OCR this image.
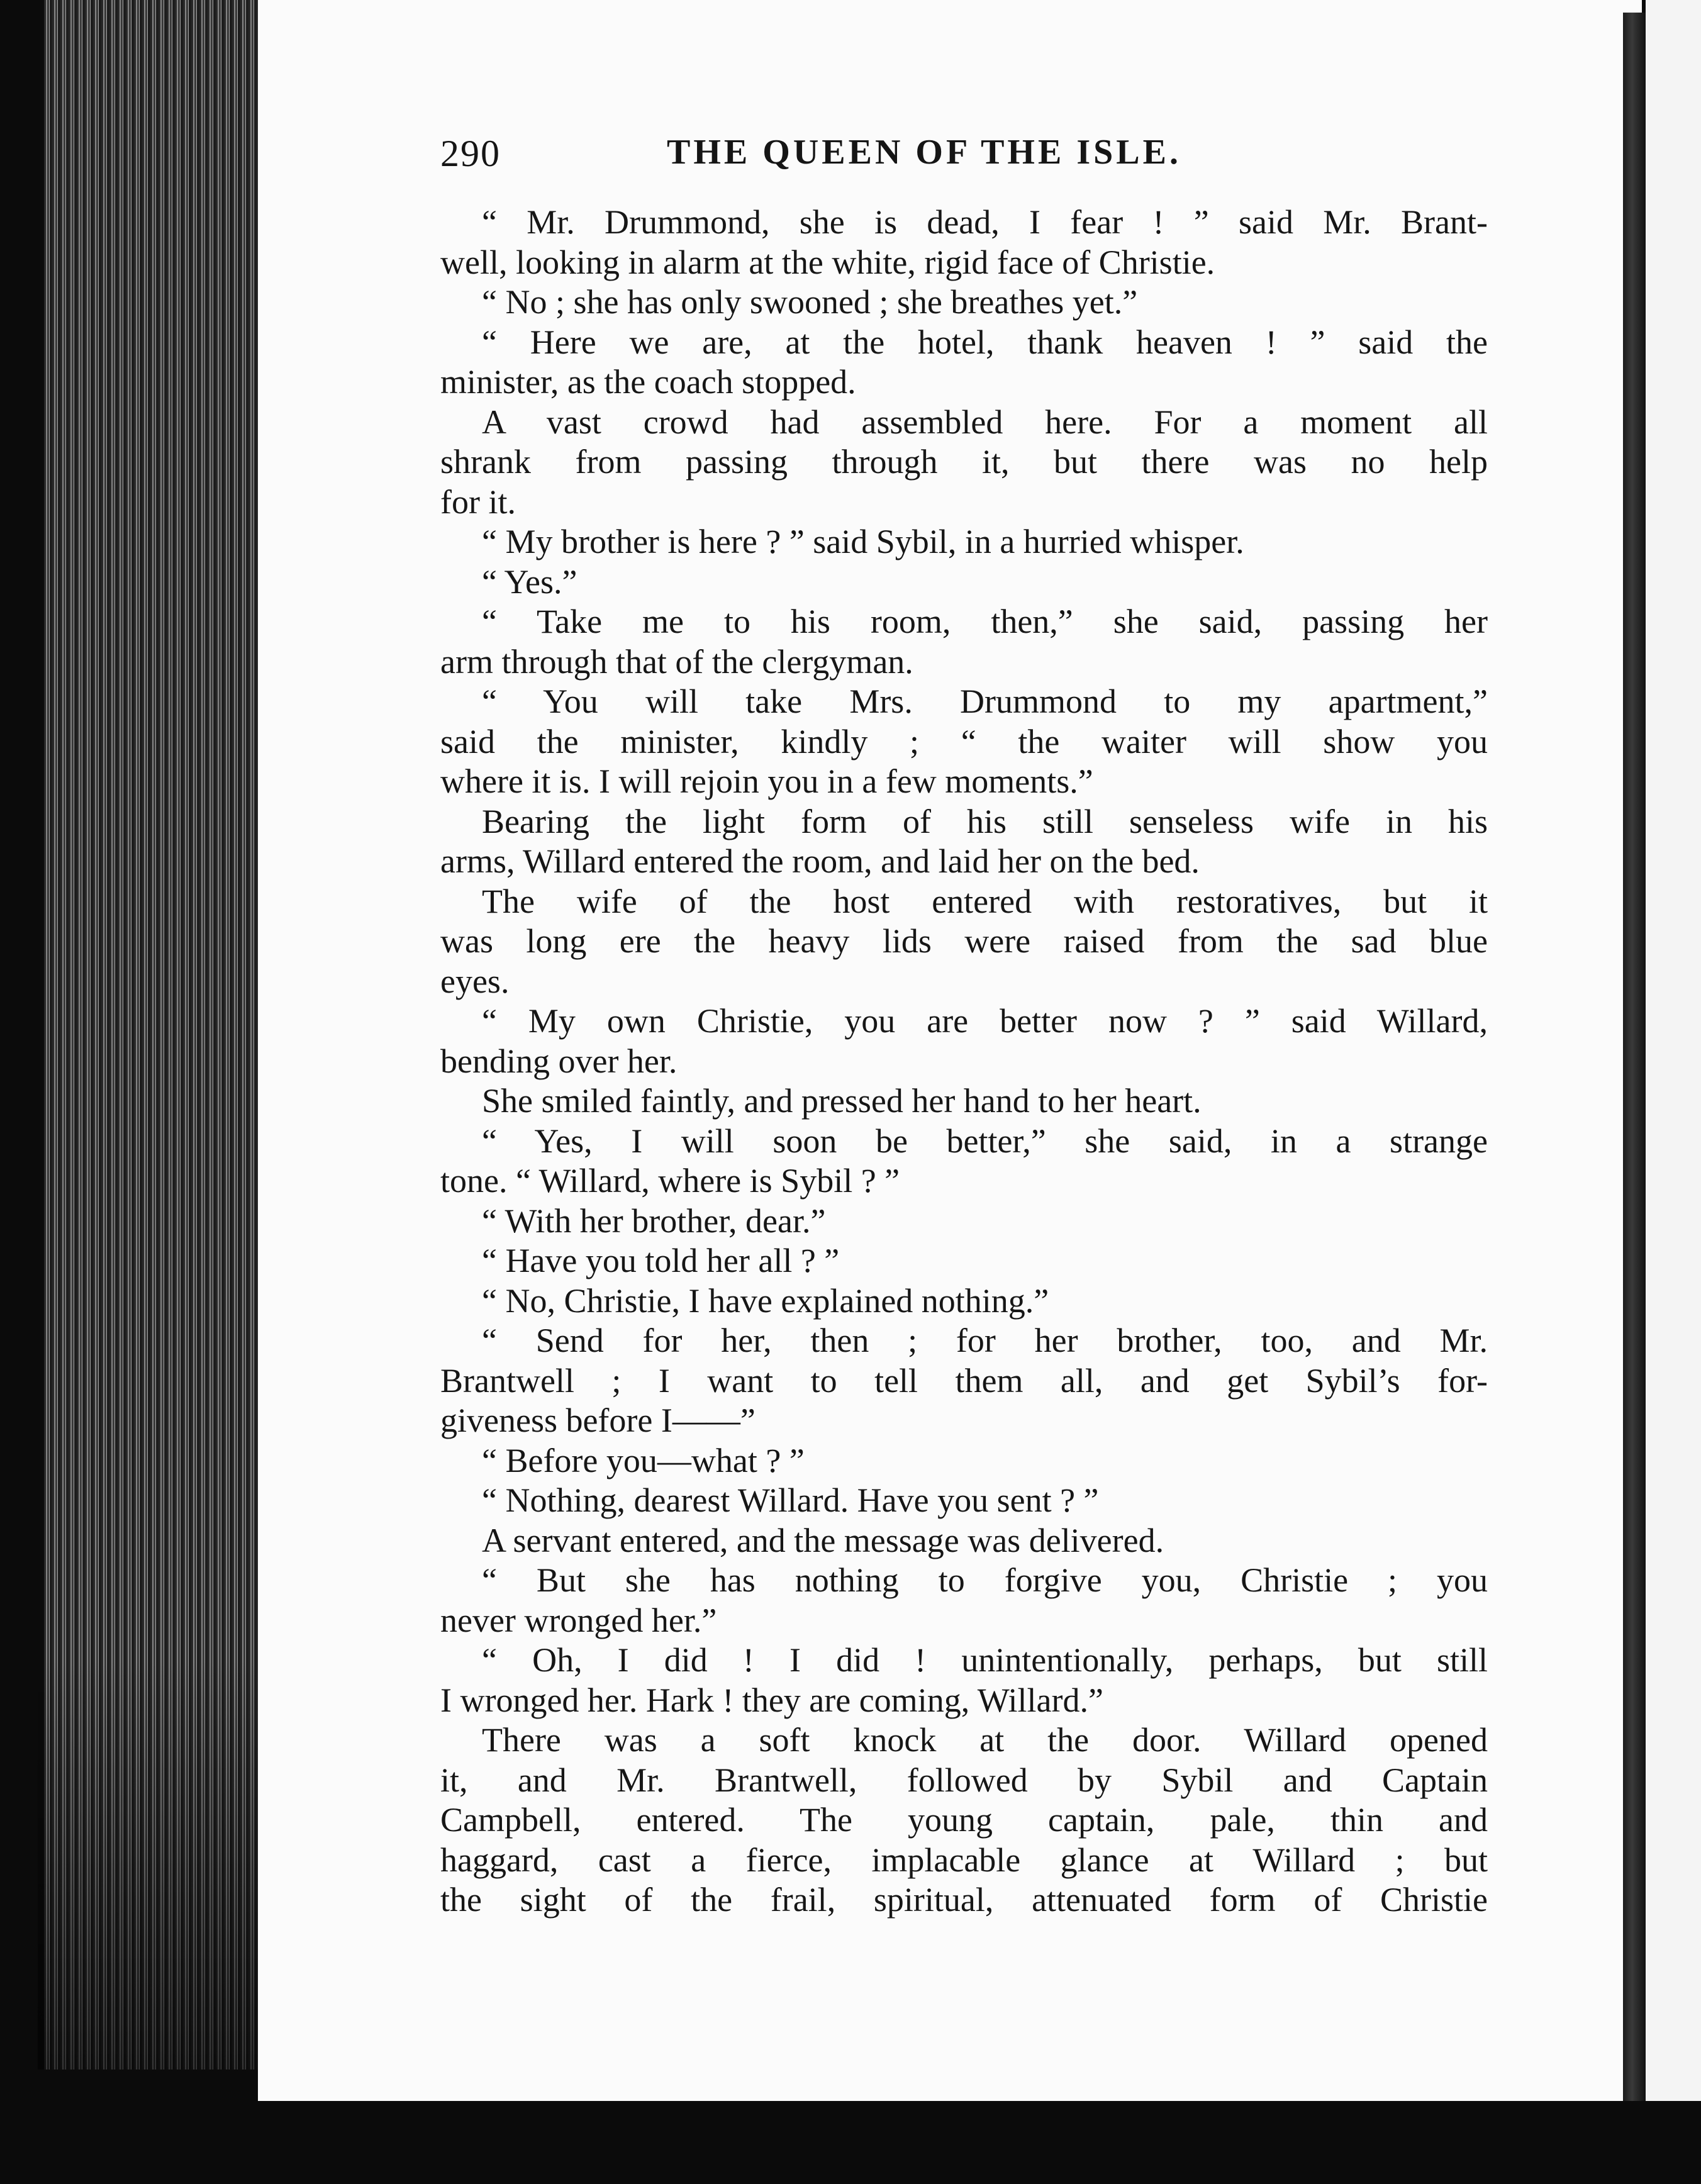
290	THE QUEEN OF THE ISLE.
“ Mr. Drummond, she is dead, I fear ! ” said Mr. Brant-
well, looking in alarm at the white, rigid face of Christie.
“ No ; she has only swooned ; she breathes yet.”
“ Here we are, at the hotel, thank heaven ! ” said the
minister, as the coach stopped.
A vast crowd had assembled here. For a moment all
shrank from passing through it, but there was no help
for it.
“ My brother is here ? ” said Sybil, in a hurried whisper.
“ Yes.”
“ Take me to his room, then,” she said, passing her
arm through that of the clergyman.
“ You will take Mrs. Drummond to my apartment,”
said the minister, kindly ; “ the waiter will show you
where it is. I will rejoin you in a few moments.”
Bearing the light form of his still senseless wife in his
arms, Willard entered the room, and laid her on the bed.
The wife of the host entered with restoratives, but it
was long ere the heavy lids were raised from the sad blue
eyes.
“ My own Christie, you are better now ? ” said Willard,
bending over her.
She smiled faintly, and pressed her hand to her heart.
“ Yes, I will soon be better,” she said, in a strange
tone. “ Willard, where is Sybil ? ”
“ With her brother, dear.”
“ Have you told her all ? ”
“ No, Christie, I have explained nothing.”
“ Send for her, then ; for her brother, too, and Mr.
Brantwell ; I want to tell them all, and get Sybil’s for-
giveness before I——”
“ Before you—what ? ”
“ Nothing, dearest Willard. Have you sent ? ”
A servant entered, and the message was delivered.
“ But she has nothing to forgive you, Christie ; you
never wronged her.”
“ Oh, I did ! I did ! unintentionally, perhaps, but still
I wronged her. Hark ! they are coming, Willard.”
There was a soft knock at the door. Willard opened
it, and Mr. Brantwell, followed by Sybil and Captain
Campbell, entered. The young captain, pale, thin and
haggard, cast a fierce, implacable glance at Willard ; but
the sight of the frail, spiritual, attenuated form of Christie
